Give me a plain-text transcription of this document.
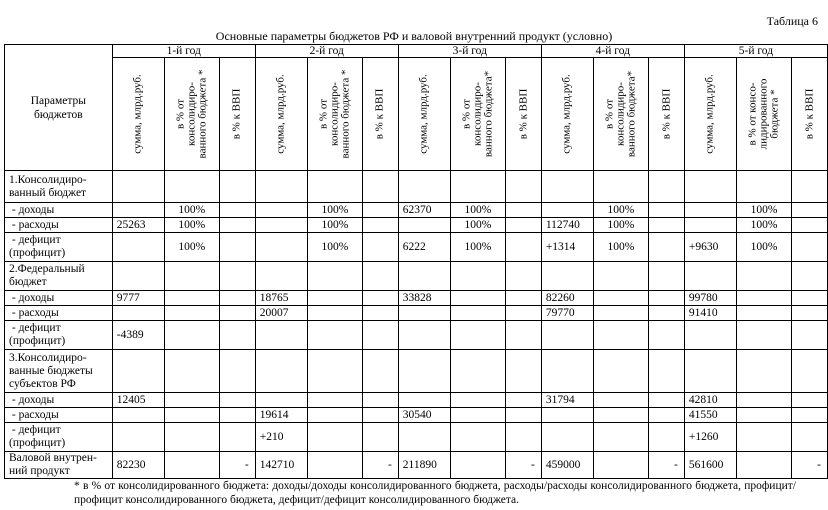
Таблица 6
Основные параметры бюджетов РФ и валовой внутренний продукт (условно)
Параметры бюджетов	1-й год			2-й год			3-й год			4-й год			5-й год		

	сумма, млрд.руб.	в % от
консолидиро-
ванного бюджета *	в % к ВВП	сумма, млрд.руб.	в % от
консолидиро-
ванного бюджета *	в % к ВВП	сумма, млрд.руб.	в % от
консолидиро-
ванного бюджета*	в % к ВВП	сумма, млрд.руб.	в % от
консолидиро-
ванного бюджета*	в % к ВВП	сумма, млрд.руб.	в % от консо-
лидированного
бюджета *	в % к ВВП

1.Консолидиро-
ванный бюджет															
- доходы		100%			100%		62370	100%			100%			100%	
- расходы	25263	100%			100%			100%		112740	100%			100%	
- дефицит
(профицит)		100%			100%		6222	100%		+1314	100%		+9630	100%	
2.Федеральный
бюджет															
- доходы	9777			18765			33828			82260			99780		
- расходы				20007						79770			91410		
- дефицит
(профицит)	-4389														
3.Консолидиро-
ванные бюджеты
субъектов РФ															
- доходы	12405									31794			42810		
- расходы				19614			30540						41550		
- дефицит
(профицит)				+210									+1260		
Валовой внутрен-
ний продукт	82230		-	142710		-	211890		-	459000		-	561600		-
* в % от консолидированного бюджета: доходы/доходы консолидированного бюджета, расходы/расходы консолидированного бюджета, профицит/профицит консолидированного бюджета, дефицит/дефицит консолидированного бюджета.
